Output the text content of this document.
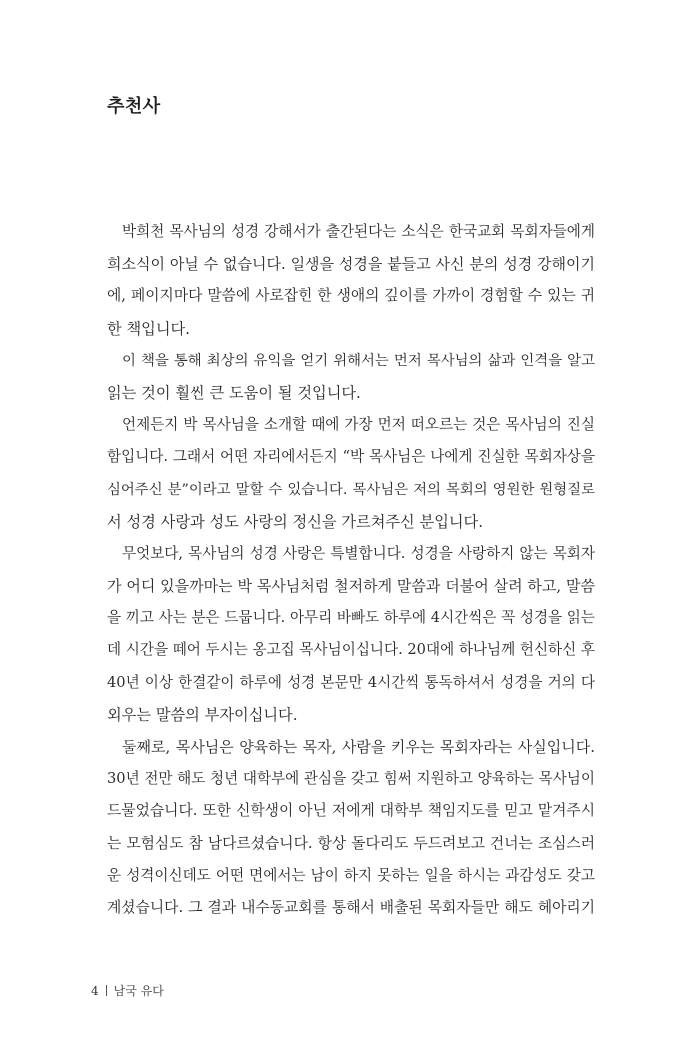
추천사
박희천 목사님의 성경 강해서가 출간된다는 소식은 한국교회 목회자들에게
희소식이 아닐 수 없습니다. 일생을 성경을 붙들고 사신 분의 성경 강해이기
에, 페이지마다 말씀에 사로잡힌 한 생애의 깊이를 가까이 경험할 수 있는 귀
한 책입니다.
이 책을 통해 최상의 유익을 얻기 위해서는 먼저 목사님의 삶과 인격을 알고
읽는 것이 훨씬 큰 도움이 될 것입니다.
언제든지 박 목사님을 소개할 때에 가장 먼저 떠오르는 것은 목사님의 진실
함입니다. 그래서 어떤 자리에서든지 “박 목사님은 나에게 진실한 목회자상을
심어주신 분”이라고 말할 수 있습니다. 목사님은 저의 목회의 영원한 원형질로
서 성경 사랑과 성도 사랑의 정신을 가르쳐주신 분입니다.
무엇보다, 목사님의 성경 사랑은 특별합니다. 성경을 사랑하지 않는 목회자
가 어디 있을까마는 박 목사님처럼 철저하게 말씀과 더불어 살려 하고, 말씀
을 끼고 사는 분은 드뭅니다. 아무리 바빠도 하루에 4시간씩은 꼭 성경을 읽는
데 시간을 떼어 두시는 옹고집 목사님이십니다. 20대에 하나님께 헌신하신 후
40년 이상 한결같이 하루에 성경 본문만 4시간씩 통독하셔서 성경을 거의 다
외우는 말씀의 부자이십니다.
둘째로, 목사님은 양육하는 목자, 사람을 키우는 목회자라는 사실입니다.
30년 전만 해도 청년 대학부에 관심을 갖고 힘써 지원하고 양육하는 목사님이
드물었습니다. 또한 신학생이 아닌 저에게 대학부 책임지도를 믿고 맡겨주시
는 모험심도 참 남다르셨습니다. 항상 돌다리도 두드려보고 건너는 조심스러
운 성격이신데도 어떤 면에서는 남이 하지 못하는 일을 하시는 과감성도 갖고
계셨습니다. 그 결과 내수동교회를 통해서 배출된 목회자들만 해도 헤아리기
4 남국 유다
